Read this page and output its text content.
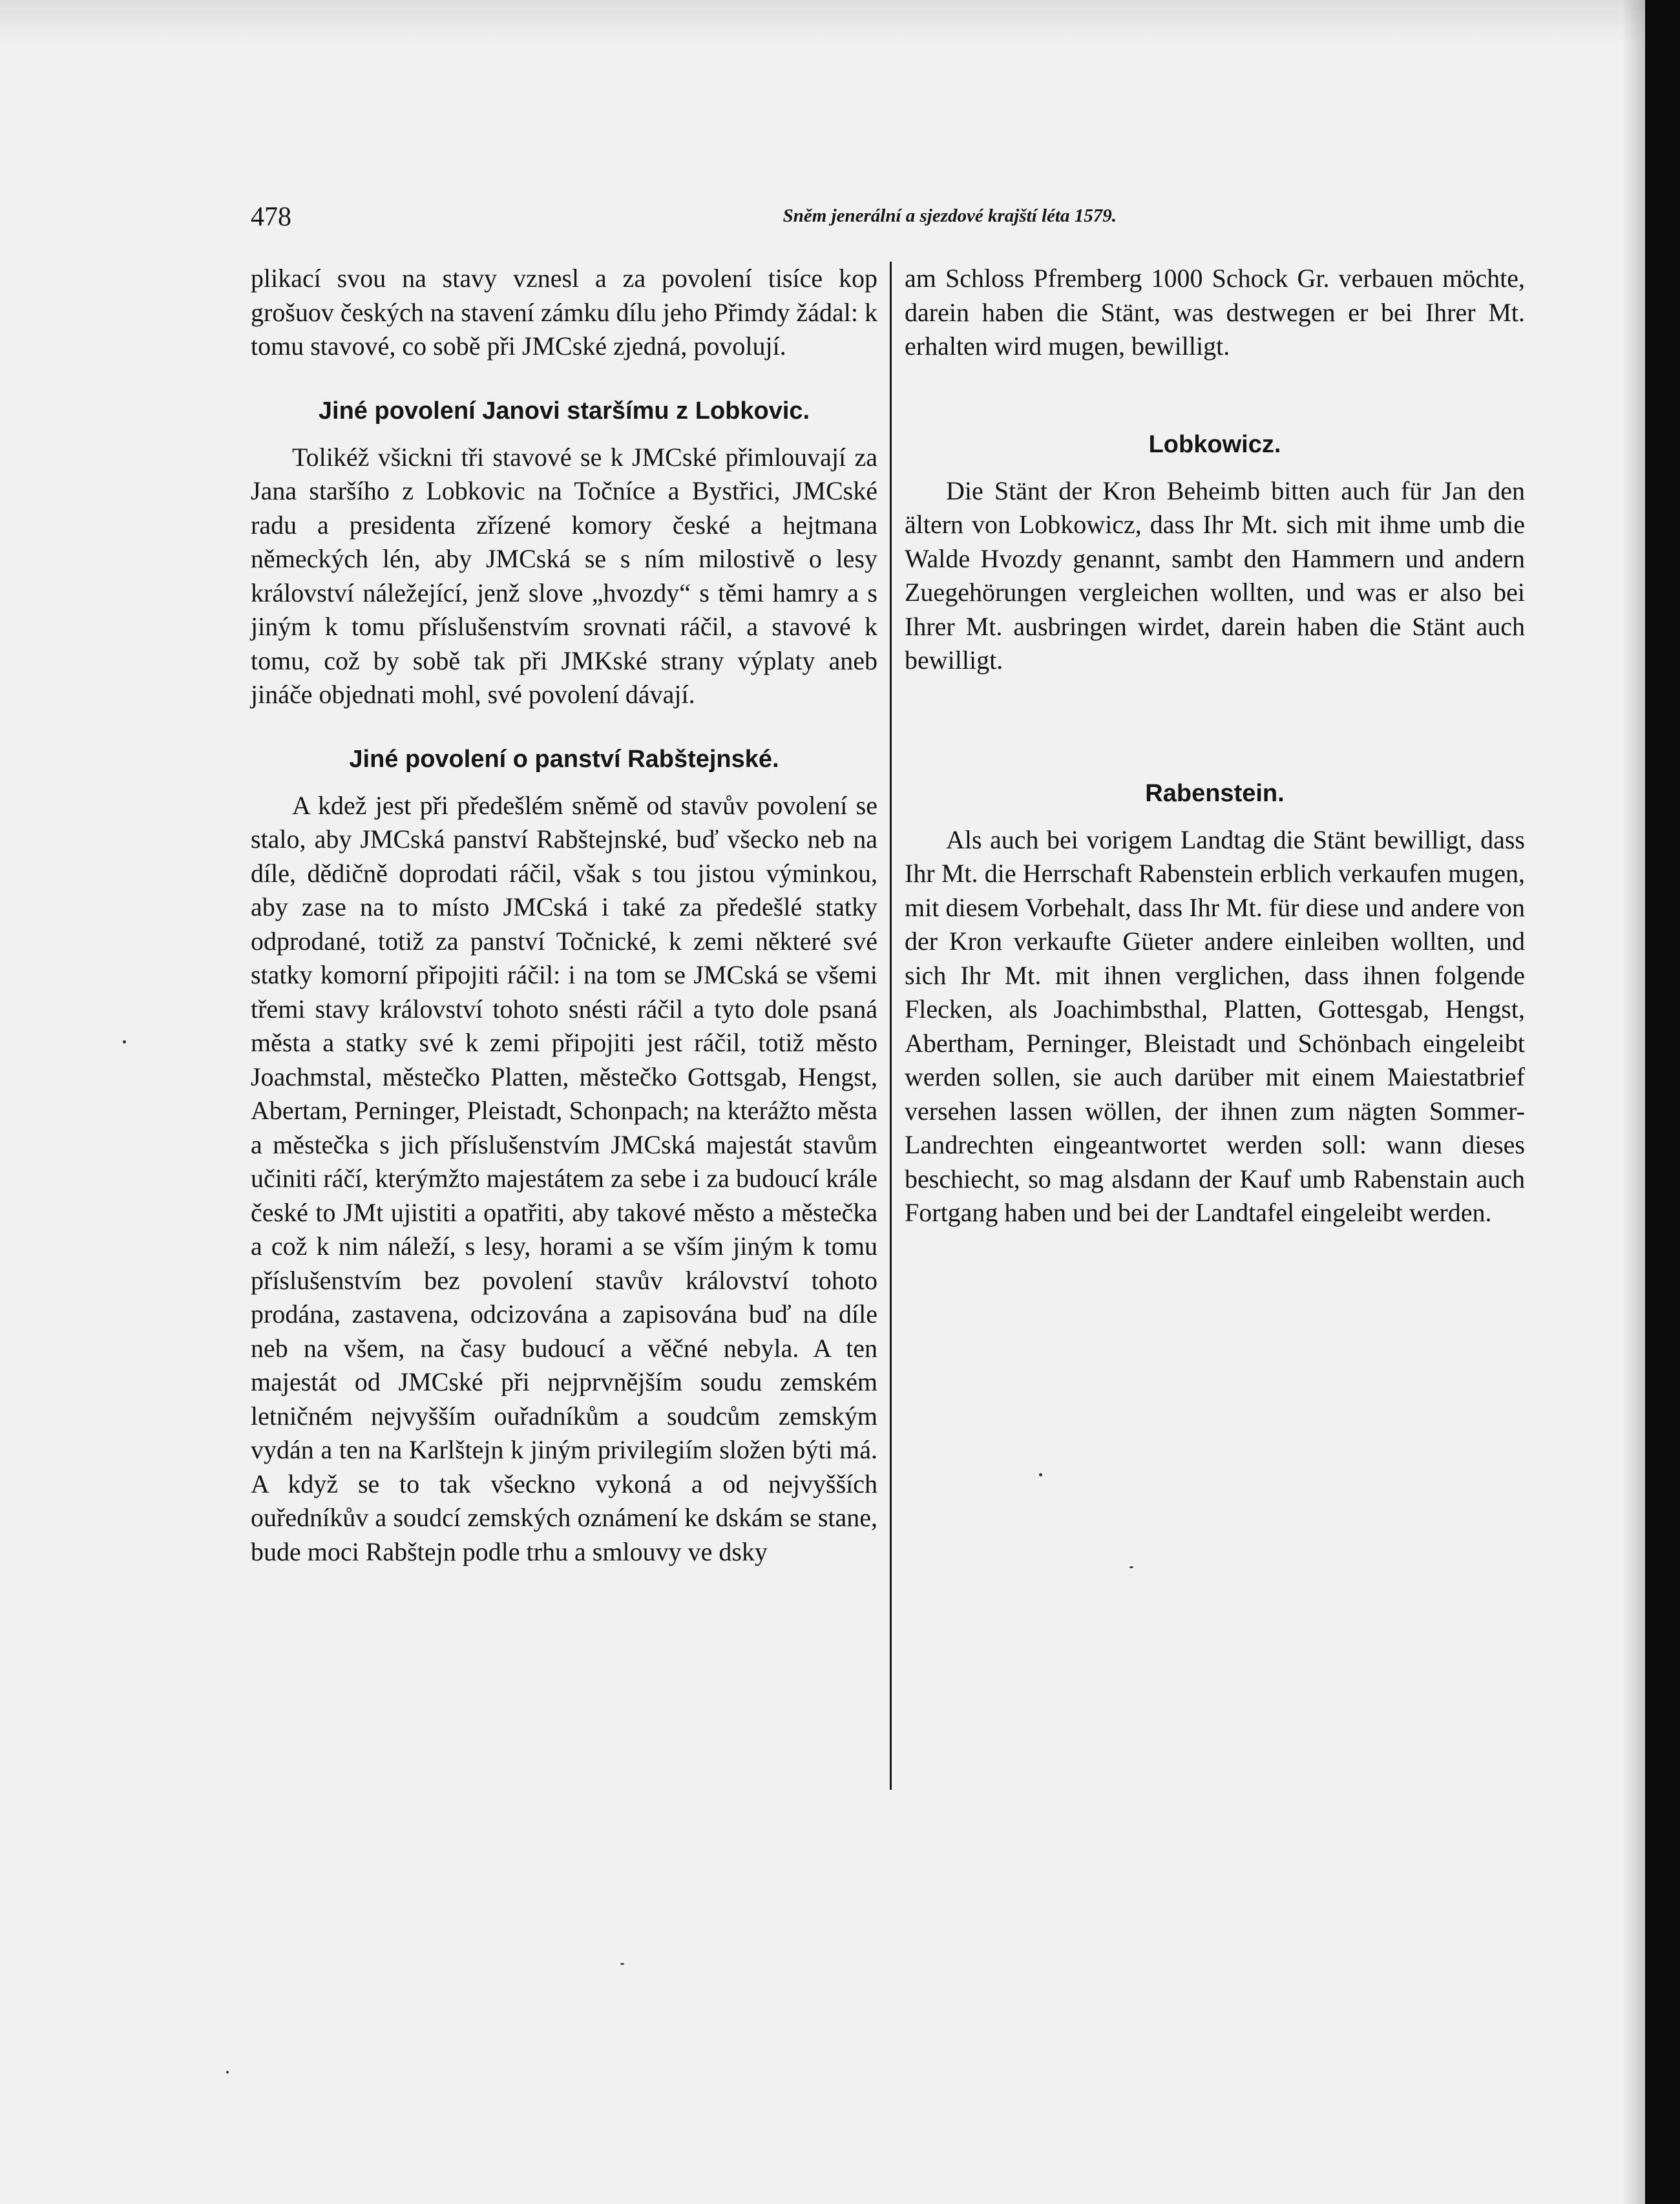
478	Sněm jenerální a sjezdové krajští léta 1579.

plikací svou na stavy vznesl a za povolení tisíce kop grošuov českých na stavení zámku dílu jeho Přimdy žádal: k tomu stavové, co sobě při JMCské zjedná, povolují.

Jiné povolení Janovi staršímu z Lobkovic.

Tolikéž všickni tři stavové se k JMCské přimlouvají za Jana staršího z Lobkovic na Točníce a Bystřici, JMCské radu a presidenta zřízené komory české a hejtmana německých lén, aby JMCská se s ním milostivě o lesy království náležející, jenž slove „hvozdy“ s těmi hamry a s jiným k tomu příslušenstvím srovnati ráčil, a stavové k tomu, což by sobě tak při JMKské strany výplaty aneb jináče objednati mohl, své povolení dávají.

Jiné povolení o panství Rabštejnské.

A kdež jest při předešlém sněmě od stavův povolení se stalo, aby JMCská panství Rabštejnské, buď všecko neb na díle, dědičně doprodati ráčil, však s tou jistou výminkou, aby zase na to místo JMCská i také za předešlé statky odprodané, totiž za panství Točnické, k zemi některé své statky komorní připojiti ráčil: i na tom se JMCská se všemi třemi stavy království tohoto snésti ráčil a tyto dole psaná města a statky své k zemi připojiti jest ráčil, totiž město Joachmstal, městečko Platten, městečko Gottsgab, Hengst, Abertam, Perninger, Pleistadt, Schonpach; na kterážto města a městečka s jich příslušenstvím JMCská majestát stavům učiniti ráčí, kterýmžto majestátem za sebe i za budoucí krále české to JMt ujistiti a opatřiti, aby takové město a městečka a což k nim náleží, s lesy, horami a se vším jiným k tomu příslušenstvím bez povolení stavův království tohoto prodána, zastavena, odcizována a zapisována buď na díle neb na všem, na časy budoucí a věčné nebyla. A ten majestát od JMCské při nejprvnějším soudu zemském letničném nejvyšším ouřadníkům a soudcům zemským vydán a ten na Karlštejn k jiným privilegiím složen býti má. A když se to tak všeckno vykoná a od nejvyšších ouředníkův a soudcí zemských oznámení ke dskám se stane, bude moci Rabštejn podle trhu a smlouvy ve dsky

am Schloss Pfremberg 1000 Schock Gr. verbauen möchte, darein haben die Stänt, was destwegen er bei Ihrer Mt. erhalten wird mugen, bewilligt.

Lobkowicz.

Die Stänt der Kron Beheimb bitten auch für Jan den ältern von Lobkowicz, dass Ihr Mt. sich mit ihme umb die Walde Hvozdy genannt, sambt den Hammern und andern Zuegehörungen vergleichen wollten, und was er also bei Ihrer Mt. ausbringen wirdet, darein haben die Stänt auch bewilligt.

Rabenstein.

Als auch bei vorigem Landtag die Stänt bewilligt, dass Ihr Mt. die Herrschaft Rabenstein erblich verkaufen mugen, mit diesem Vorbehalt, dass Ihr Mt. für diese und andere von der Kron verkaufte Güeter andere einleiben wollten, und sich Ihr Mt. mit ihnen verglichen, dass ihnen folgende Flecken, als Joachimbsthal, Platten, Gottesgab, Hengst, Abertham, Perninger, Bleistadt und Schönbach eingeleibt werden sollen, sie auch darüber mit einem Maiestatbrief versehen lassen wöllen, der ihnen zum nägten Sommer-Landrechten eingeantwortet werden soll: wann dieses beschiecht, so mag alsdann der Kauf umb Rabenstain auch Fortgang haben und bei der Landtafel eingeleibt werden.
